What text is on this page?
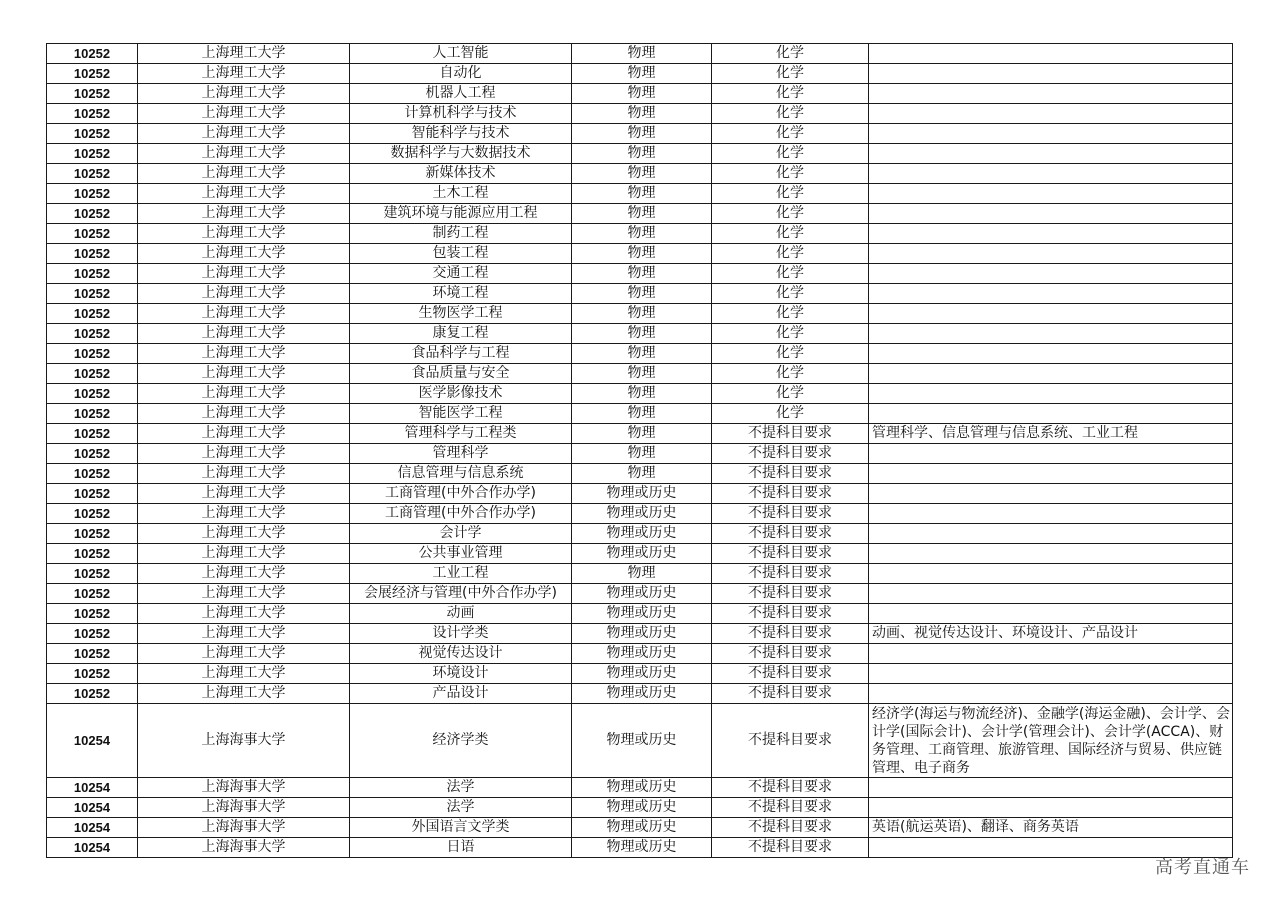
10252	上海理工大学	人工智能	物理	化学	
10252	上海理工大学	自动化	物理	化学	
10252	上海理工大学	机器人工程	物理	化学	
10252	上海理工大学	计算机科学与技术	物理	化学	
10252	上海理工大学	智能科学与技术	物理	化学	
10252	上海理工大学	数据科学与大数据技术	物理	化学	
10252	上海理工大学	新媒体技术	物理	化学	
10252	上海理工大学	土木工程	物理	化学	
10252	上海理工大学	建筑环境与能源应用工程	物理	化学	
10252	上海理工大学	制药工程	物理	化学	
10252	上海理工大学	包装工程	物理	化学	
10252	上海理工大学	交通工程	物理	化学	
10252	上海理工大学	环境工程	物理	化学	
10252	上海理工大学	生物医学工程	物理	化学	
10252	上海理工大学	康复工程	物理	化学	
10252	上海理工大学	食品科学与工程	物理	化学	
10252	上海理工大学	食品质量与安全	物理	化学	
10252	上海理工大学	医学影像技术	物理	化学	
10252	上海理工大学	智能医学工程	物理	化学	
10252	上海理工大学	管理科学与工程类	物理	不提科目要求	管理科学、信息管理与信息系统、工业工程
10252	上海理工大学	管理科学	物理	不提科目要求	
10252	上海理工大学	信息管理与信息系统	物理	不提科目要求	
10252	上海理工大学	工商管理(中外合作办学)	物理或历史	不提科目要求	
10252	上海理工大学	工商管理(中外合作办学)	物理或历史	不提科目要求	
10252	上海理工大学	会计学	物理或历史	不提科目要求	
10252	上海理工大学	公共事业管理	物理或历史	不提科目要求	
10252	上海理工大学	工业工程	物理	不提科目要求	
10252	上海理工大学	会展经济与管理(中外合作办学)	物理或历史	不提科目要求	
10252	上海理工大学	动画	物理或历史	不提科目要求	
10252	上海理工大学	设计学类	物理或历史	不提科目要求	动画、视觉传达设计、环境设计、产品设计
10252	上海理工大学	视觉传达设计	物理或历史	不提科目要求	
10252	上海理工大学	环境设计	物理或历史	不提科目要求	
10252	上海理工大学	产品设计	物理或历史	不提科目要求	
10254	上海海事大学	经济学类	物理或历史	不提科目要求	经济学(海运与物流经济)、金融学(海运金融)、会计学、会计学(国际会计)、会计学(管理会计)、会计学(ACCA)、财务管理、工商管理、旅游管理、国际经济与贸易、供应链管理、电子商务
10254	上海海事大学	法学	物理或历史	不提科目要求	
10254	上海海事大学	法学	物理或历史	不提科目要求	
10254	上海海事大学	外国语言文学类	物理或历史	不提科目要求	英语(航运英语)、翻译、商务英语
10254	上海海事大学	日语	物理或历史	不提科目要求	
高考直通车
